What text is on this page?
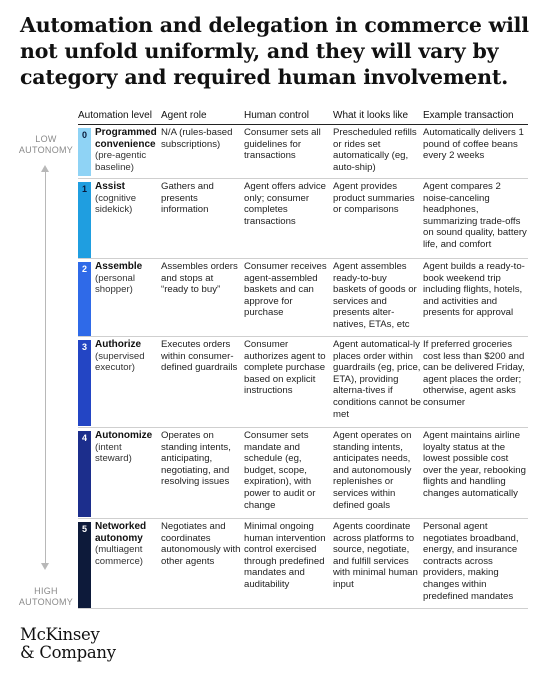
Automation and delegation in commerce will not unfold uniformly, and they will vary by category and required human involvement.
LOW AUTONOMY
HIGH AUTONOMY
Automation level Agent role	Human control What it looks like Example transaction
0 Programmed convenience
(pre-agentic baseline)
N/A (rules-based subscriptions)
Consumer sets all guidelines for transactions
Prescheduled refills or rides set automatically (eg, auto-ship)
Automatically delivers 1 pound of coffee beans every 2 weeks
1 Assist
(cognitive sidekick)
Gathers and presents information
Agent offers advice only; consumer completes transactions
Agent provides product summaries or comparisons
Agent compares 2 noise-canceling headphones, summarizing trade-offs on sound quality, battery life, and comfort
2 Assemble
(personal shopper)
Assembles orders and stops at “ready to buy”
Consumer receives agent-assembled baskets and can approve for purchase
Agent assembles ready-to-buy baskets of goods or services and presents alter-natives, ETAs, etc
Agent builds a ready-to-book weekend trip including flights, hotels, and activities and presents for approval
3 Authorize
(supervised executor)
Executes orders within consumer-defined guardrails
Consumer authorizes agent to complete purchase based on explicit instructions
Agent automatical-ly places order within guardrails (eg, price, ETA), providing alterna-tives if conditions cannot be met
If preferred groceries cost less than $200 and can be delivered Friday, agent places the order; otherwise, agent asks consumer
4 Autonomize
(intent steward)
Operates on standing intents, anticipating, negotiating, and resolving issues
Consumer sets mandate and schedule (eg, budget, scope, expiration), with power to audit or change
Agent operates on standing intents, anticipates needs, and autonomously replenishes or services within defined goals
Agent maintains airline loyalty status at the lowest possible cost over the year, rebooking flights and handling changes automatically
5 Networked autonomy
(multiagent commerce)
Negotiates and coordinates autonomously with other agents
Minimal ongoing human intervention control exercised through predefined mandates and auditability
Agents coordinate across platforms to source, negotiate, and fulfill services with minimal human input
Personal agent negotiates broadband, energy, and insurance contracts across providers, making changes within predefined mandates
McKinsey
& Company
